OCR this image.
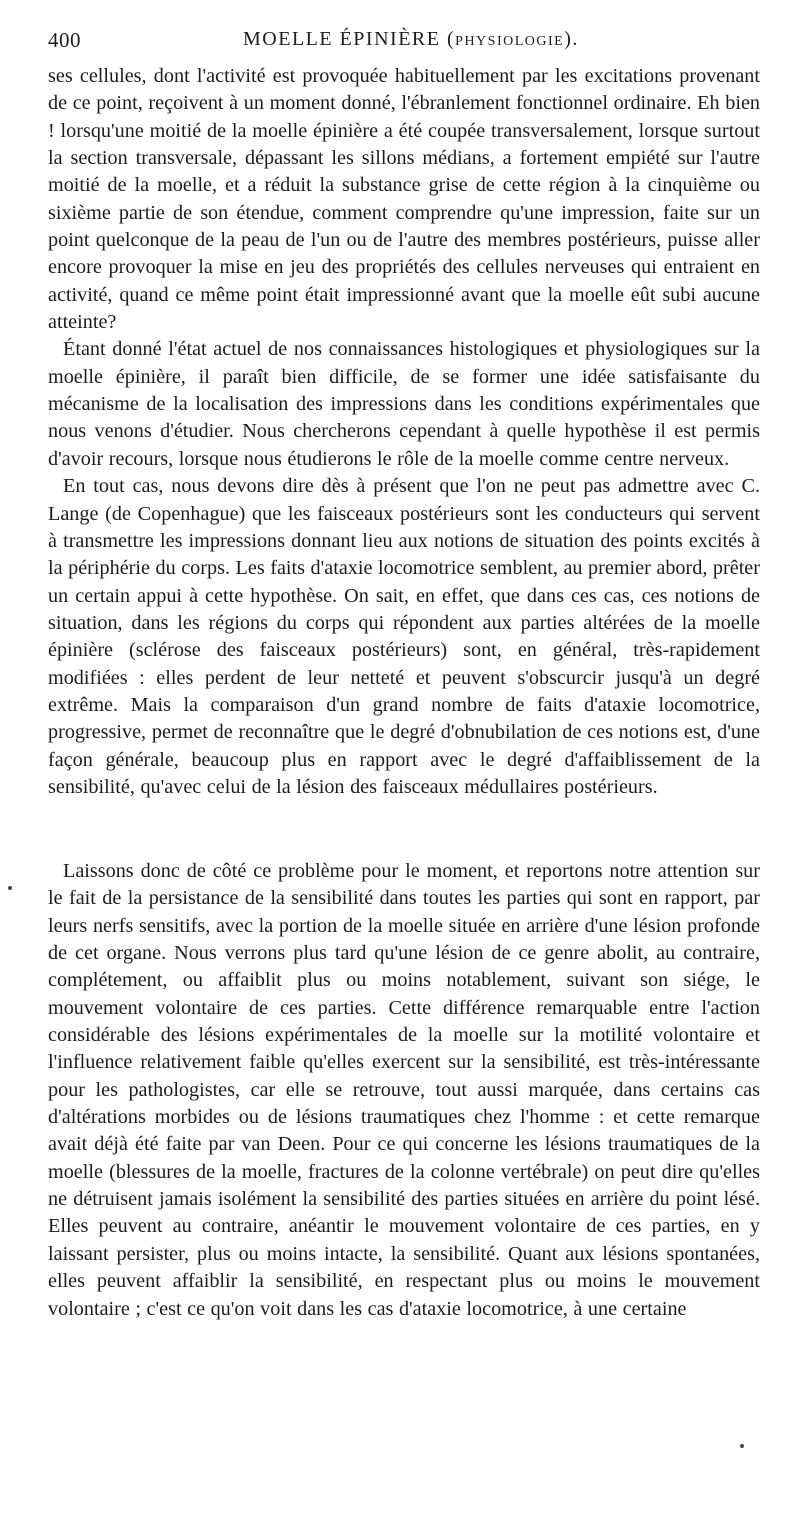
400	MOELLE ÉPINIÈRE (PHYSIOLOGIE).

ses cellules, dont l'activité est provoquée habituellement par les excitations provenant de ce point, reçoivent à un moment donné, l'ébranlement fonctionnel ordinaire. Eh bien ! lorsqu'une moitié de la moelle épinière a été coupée transversalement, lorsque surtout la section transversale, dépassant les sillons médians, a fortement empiété sur l'autre moitié de la moelle, et a réduit la substance grise de cette région à la cinquième ou sixième partie de son étendue, comment comprendre qu'une impression, faite sur un point quelconque de la peau de l'un ou de l'autre des membres postérieurs, puisse aller encore provoquer la mise en jeu des propriétés des cellules nerveuses qui entraient en activité, quand ce même point était impressionné avant que la moelle eût subi aucune atteinte?

Étant donné l'état actuel de nos connaissances histologiques et physiologiques sur la moelle épinière, il paraît bien difficile, de se former une idée satisfaisante du mécanisme de la localisation des impressions dans les conditions expérimentales que nous venons d'étudier. Nous chercherons cependant à quelle hypothèse il est permis d'avoir recours, lorsque nous étudierons le rôle de la moelle comme centre nerveux.

En tout cas, nous devons dire dès à présent que l'on ne peut pas admettre avec C. Lange (de Copenhague) que les faisceaux postérieurs sont les conducteurs qui servent à transmettre les impressions donnant lieu aux notions de situation des points excités à la périphérie du corps. Les faits d'ataxie locomotrice semblent, au premier abord, prêter un certain appui à cette hypothèse. On sait, en effet, que dans ces cas, ces notions de situation, dans les régions du corps qui répondent aux parties altérées de la moelle épinière (sclérose des faisceaux postérieurs) sont, en général, très-rapidement modifiées : elles perdent de leur netteté et peuvent s'obscurcir jusqu'à un degré extrême. Mais la comparaison d'un grand nombre de faits d'ataxie locomotrice, progressive, permet de reconnaître que le degré d'obnubilation de ces notions est, d'une façon générale, beaucoup plus en rapport avec le degré d'affaiblissement de la sensibilité, qu'avec celui de la lésion des faisceaux médullaires postérieurs.

Laissons donc de côté ce problème pour le moment, et reportons notre attention sur le fait de la persistance de la sensibilité dans toutes les parties qui sont en rapport, par leurs nerfs sensitifs, avec la portion de la moelle située en arrière d'une lésion profonde de cet organe. Nous verrons plus tard qu'une lésion de ce genre abolit, au contraire, complétement, ou affaiblit plus ou moins notablement, suivant son siége, le mouvement volontaire de ces parties. Cette différence remarquable entre l'action considérable des lésions expérimentales de la moelle sur la motilité volontaire et l'influence relativement faible qu'elles exercent sur la sensibilité, est très-intéressante pour les pathologistes, car elle se retrouve, tout aussi marquée, dans certains cas d'altérations morbides ou de lésions traumatiques chez l'homme : et cette remarque avait déjà été faite par van Deen. Pour ce qui concerne les lésions traumatiques de la moelle (blessures de la moelle, fractures de la colonne vertébrale) on peut dire qu'elles ne détruisent jamais isolément la sensibilité des parties situées en arrière du point lésé. Elles peuvent au contraire, anéantir le mouvement volontaire de ces parties, en y laissant persister, plus ou moins intacte, la sensibilité. Quant aux lésions spontanées, elles peuvent affaiblir la sensibilité, en respectant plus ou moins le mouvement volontaire ; c'est ce qu'on voit dans les cas d'ataxie locomotrice, à une certaine
